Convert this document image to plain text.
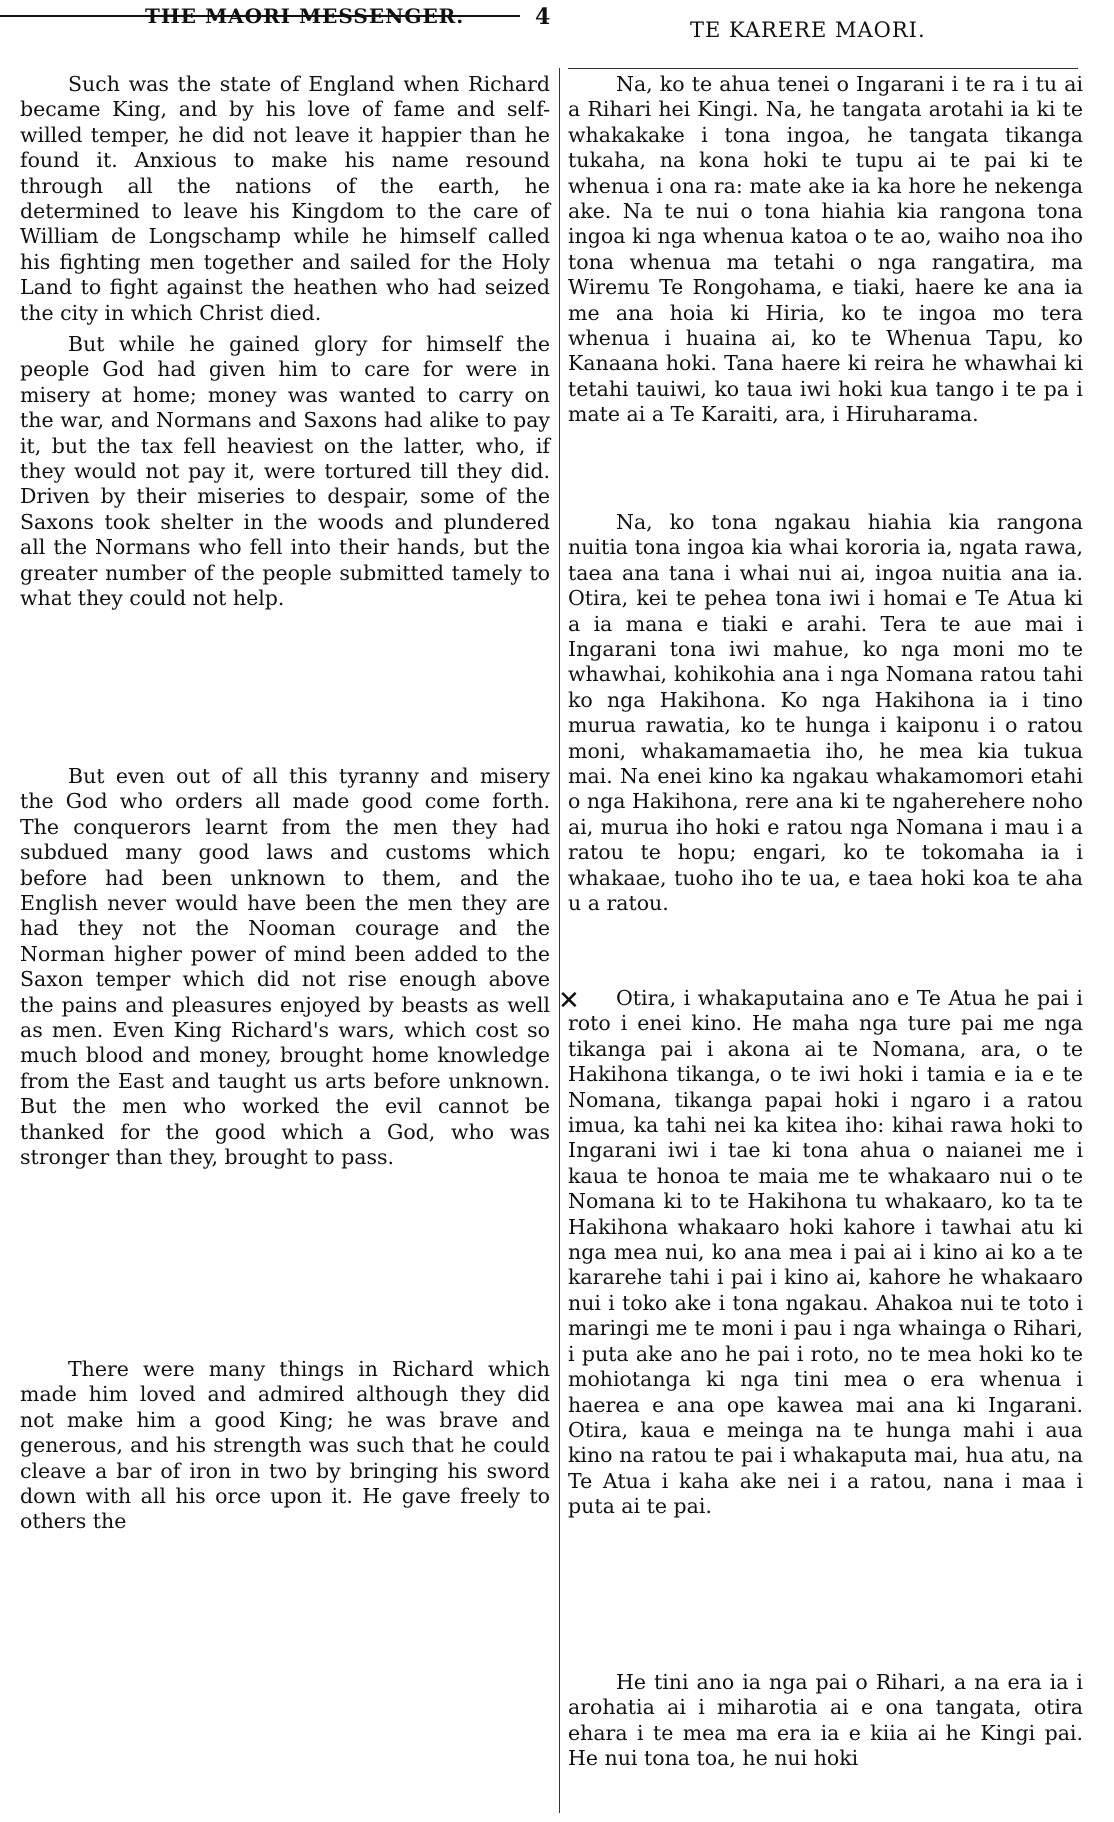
THE MAORI MESSENGER.	4	TE KARERE MAORI.

Such was the state of England when Richard became King, and by his love of fame and self-willed temper, he did not leave it happier than he found it. Anxious to make his name resound through all the nations of the earth, he determined to leave his Kingdom to the care of William de Longschamp while he himself called his fighting men together and sailed for the Holy Land to fight against the heathen who had seized the city in which Christ died.

But while he gained glory for himself the people God had given him to care for were in misery at home; money was wanted to carry on the war, and Normans and Saxons had alike to pay it, but the tax fell heaviest on the latter, who, if they would not pay it, were tortured till they did. Driven by their miseries to despair, some of the Saxons took shelter in the woods and plundered all the Normans who fell into their hands, but the greater number of the people submitted tamely to what they could not help.

But even out of all this tyranny and misery the God who orders all made good come forth. The conquerors learnt from the men they had subdued many good laws and customs which before had been unknown to them, and the English never would have been the men they are had they not the Nooman courage and the Norman higher power of mind been added to the Saxon temper which did not rise enough above the pains and pleasures enjoyed by beasts as well as men. Even King Richard's wars, which cost so much blood and money, brought home knowledge from the East and taught us arts before unknown. But the men who worked the evil cannot be thanked for the good which a God, who was stronger than they, brought to pass.

There were many things in Richard which made him loved and admired although they did not make him a good King; he was brave and generous, and his strength was such that he could cleave a bar of iron in two by bringing his sword down with all his orce upon it. He gave freely to others the

Na, ko te ahua tenei o Ingarani i te ra i tu ai a Rihari hei Kingi. Na, he tangata arotahi ia ki te whakakake i tona ingoa, he tangata tikanga tukaha, na kona hoki te tupu ai te pai ki te whenua i ona ra: mate ake ia ka hore he nekenga ake. Na te nui o tona hiahia kia rangona tona ingoa ki nga whenua katoa o te ao, waiho noa iho tona whenua ma tetahi o nga rangatira, ma Wiremu Te Rongohama, e tiaki, haere ke ana ia me ana hoia ki Hiria, ko te ingoa mo tera whenua i huaina ai, ko te Whenua Tapu, ko Kanaana hoki. Tana haere ki reira he whawhai ki tetahi tauiwi, ko taua iwi hoki kua tango i te pa i mate ai a Te Karaiti, ara, i Hiruharama.

Na, ko tona ngakau hiahia kia rangona nuitia tona ingoa kia whai kororia ia, ngata rawa, taea ana tana i whai nui ai, ingoa nuitia ana ia. Otira, kei te pehea tona iwi i homai e Te Atua ki a ia mana e tiaki e arahi. Tera te aue mai i Ingarani tona iwi mahue, ko nga moni mo te whawhai, kohikohia ana i nga Nomana ratou tahi ko nga Hakihona. Ko nga Hakihona ia i tino murua rawatia, ko te hunga i kaiponu i o ratou moni, whakamamaetia iho, he mea kia tukua mai. Na enei kino ka ngakau whakamomori etahi o nga Hakihona, rere ana ki te ngaherehere noho ai, murua iho hoki e ratou nga Nomana i mau i a ratou te hopu; engari, ko te tokomaha ia i whakaae, tuoho iho te ua, e taea hoki koa te aha u a ratou.

Otira, i whakaputaina ano e Te Atua he pai i roto i enei kino. He maha nga ture pai me nga tikanga pai i akona ai te Nomana, ara, o te Hakihona tikanga, o te iwi hoki i tamia e ia e te Nomana, tikanga papai hoki i ngaro i a ratou imua, ka tahi nei ka kitea iho: kihai rawa hoki to Ingarani iwi i tae ki tona ahua o naianei me i kaua te honoa te maia me te whakaaro nui o te Nomana ki to te Hakihona tu whakaaro, ko ta te Hakihona whakaaro hoki kahore i tawhai atu ki nga mea nui, ko ana mea i pai ai i kino ai ko a te kararehe tahi i pai i kino ai, kahore he whakaaro nui i toko ake i tona ngakau. Ahakoa nui te toto i maringi me te moni i pau i nga whainga o Rihari, i puta ake ano he pai i roto, no te mea hoki ko te mohiotanga ki nga tini mea o era whenua i haerea e ana ope kawea mai ana ki Ingarani. Otira, kaua e meinga na te hunga mahi i aua kino na ratou te pai i whakaputa mai, hua atu, na Te Atua i kaha ake nei i a ratou, nana i maa i puta ai te pai.

He tini ano ia nga pai o Rihari, a na era ia i arohatia ai i miharotia ai e ona tangata, otira ehara i te mea ma era ia e kiia ai he Kingi pai. He nui tona toa, he nui hoki

✕
